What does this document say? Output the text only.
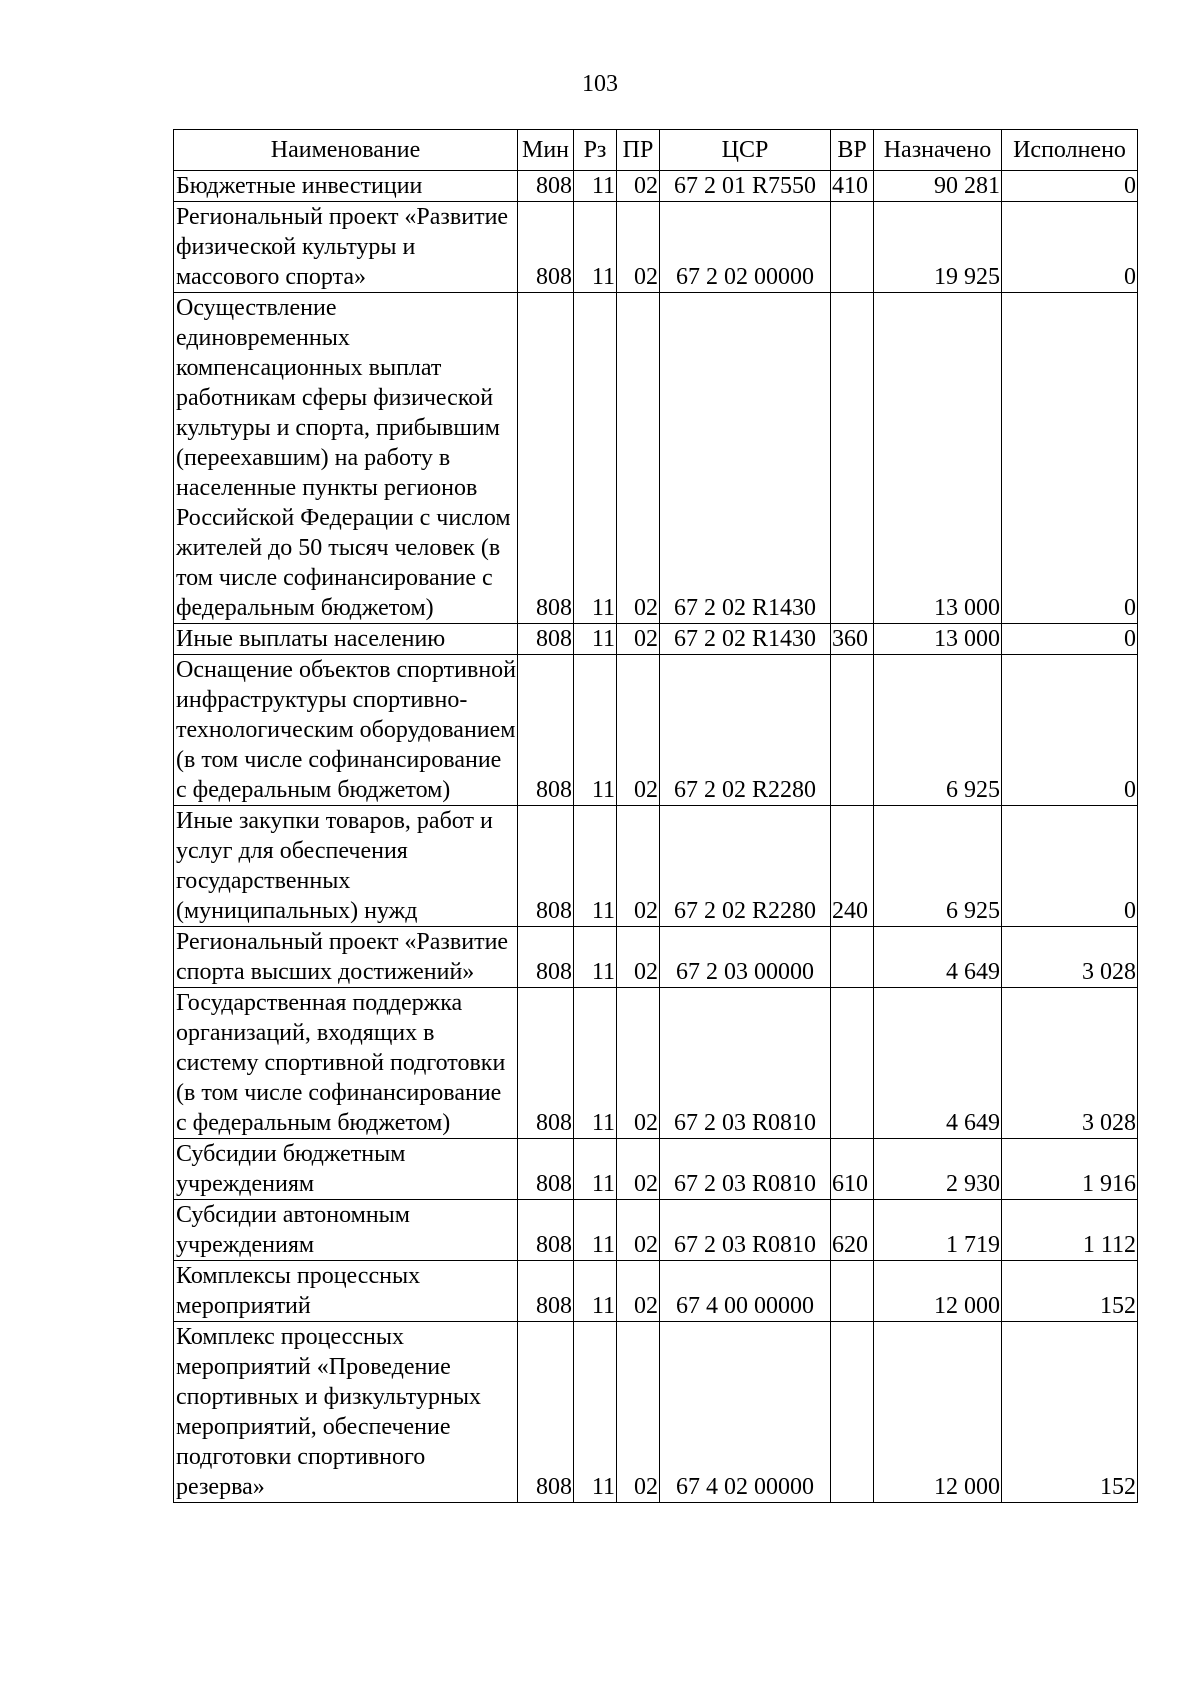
103
Наименование	Мин	Рз	ПР	ЦСР	ВР	Назначено	Исполнено
Бюджетные инвестиции	808	11	02	67 2 01 R7550	410	90 281	0
Региональный проект «Развитие физической культуры и массового спорта»	808	11	02	67 2 02 00000		19 925	0
Осуществление единовременных компенсационных выплат работникам сферы физической культуры и спорта, прибывшим (переехавшим) на работу в населенные пункты регионов Российской Федерации с числом жителей до 50 тысяч человек (в том числе софинансирование с федеральным бюджетом)	808	11	02	67 2 02 R1430		13 000	0
Иные выплаты населению	808	11	02	67 2 02 R1430	360	13 000	0
Оснащение объектов спортивной инфраструктуры спортивно-технологическим оборудованием (в том числе софинансирование с федеральным бюджетом)	808	11	02	67 2 02 R2280		6 925	0
Иные закупки товаров, работ и услуг для обеспечения государственных (муниципальных) нужд	808	11	02	67 2 02 R2280	240	6 925	0
Региональный проект «Развитие спорта высших достижений»	808	11	02	67 2 03 00000		4 649	3 028
Государственная поддержка организаций, входящих в систему спортивной подготовки (в том числе софинансирование с федеральным бюджетом)	808	11	02	67 2 03 R0810		4 649	3 028
Субсидии бюджетным учреждениям	808	11	02	67 2 03 R0810	610	2 930	1 916
Субсидии автономным учреждениям	808	11	02	67 2 03 R0810	620	1 719	1 112
Комплексы процессных мероприятий	808	11	02	67 4 00 00000		12 000	152
Комплекс процессных мероприятий «Проведение спортивных и физкультурных мероприятий, обеспечение подготовки спортивного резерва»	808	11	02	67 4 02 00000		12 000	152
